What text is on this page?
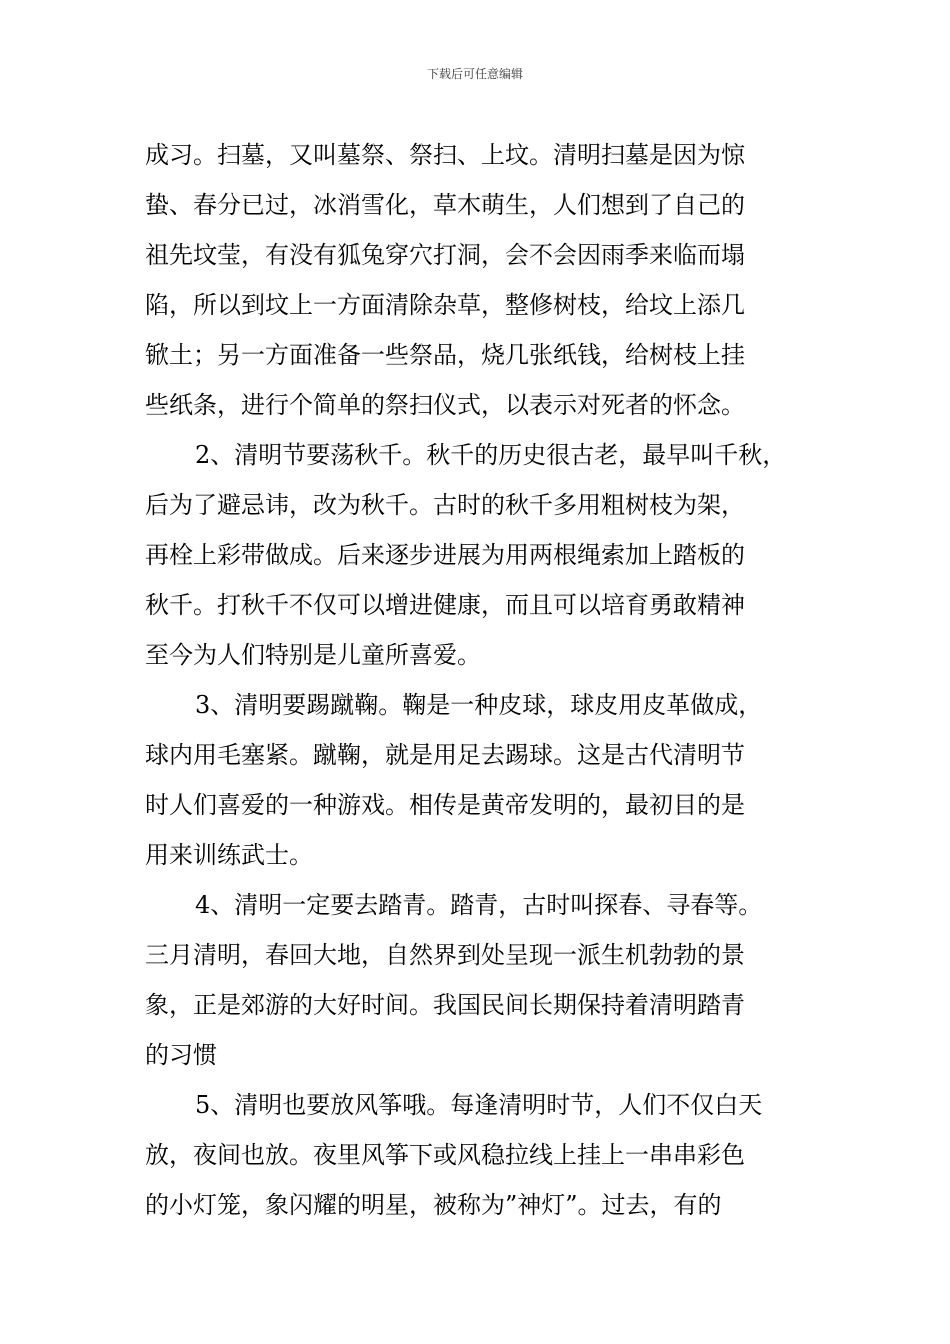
下载后可任意编辑
成习。扫墓，又叫墓祭、祭扫、上坟。清明扫墓是因为惊
蛰、春分已过，冰消雪化，草木萌生，人们想到了自己的
祖先坟莹，有没有狐兔穿穴打洞，会不会因雨季来临而塌
陷，所以到坟上一方面清除杂草，整修树枝，给坟上添几
锨土；另一方面准备一些祭品，烧几张纸钱，给树枝上挂
些纸条，进行个简单的祭扫仪式，以表示对死者的怀念。
2、清明节要荡秋千。秋千的历史很古老，最早叫千秋，
后为了避忌讳，改为秋千。古时的秋千多用粗树枝为架，
再栓上彩带做成。后来逐步进展为用两根绳索加上踏板的
秋千。打秋千不仅可以增进健康，而且可以培育勇敢精神
至今为人们特别是儿童所喜爱。
3、清明要踢蹴鞠。鞠是一种皮球，球皮用皮革做成，
球内用毛塞紧。蹴鞠，就是用足去踢球。这是古代清明节
时人们喜爱的一种游戏。相传是黄帝发明的，最初目的是
用来训练武士。
4、清明一定要去踏青。踏青，古时叫探春、寻春等。
三月清明，春回大地，自然界到处呈现一派生机勃勃的景
象，正是郊游的大好时间。我国民间长期保持着清明踏青
的习惯
5、清明也要放风筝哦。每逢清明时节，人们不仅白天
放，夜间也放。夜里风筝下或风稳拉线上挂上一串串彩色
的小灯笼，象闪耀的明星，被称为”神灯”。过去，有的
